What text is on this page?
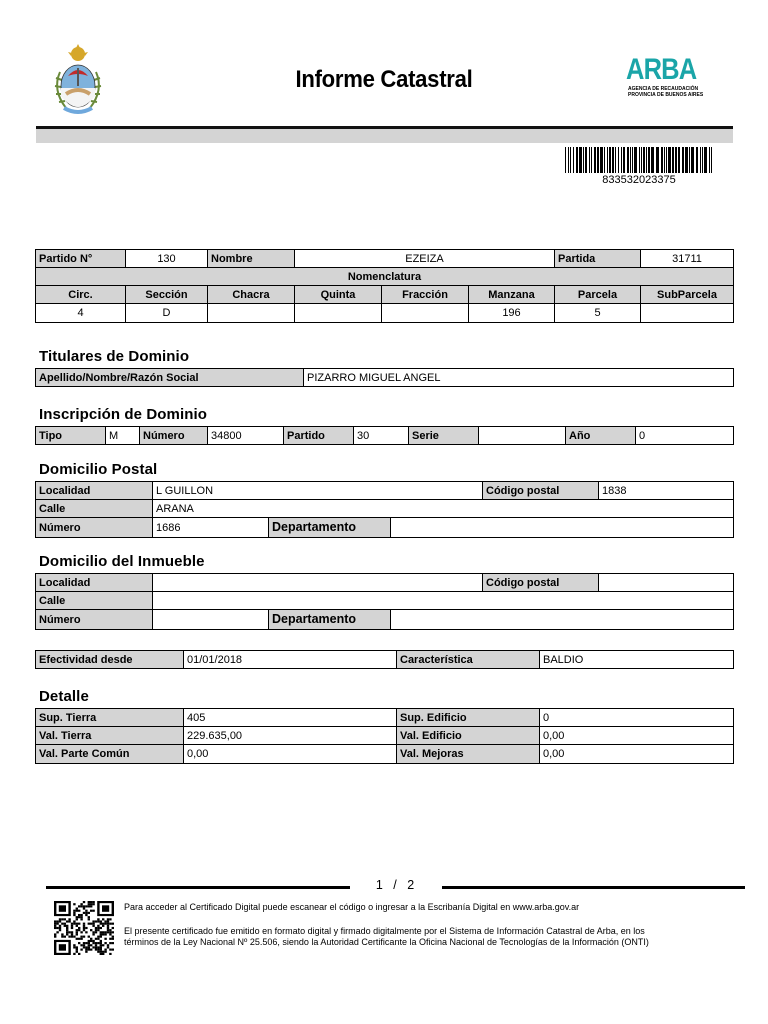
Informe Catastral	ARBA
AGENCIA DE RECAUDACIÓN
PROVINCIA DE BUENOS AIRES
833532023375
Partido N°	130	Nombre	EZEIZA			Partida	31711
Nomenclatura							
Circ.	Sección	Chacra	Quinta	Fracción	Manzana	Parcela	SubParcela
4	D				196	5	
Titulares de Dominio
Apellido/Nombre/Razón Social	PIZARRO MIGUEL ANGEL
Inscripción de Dominio
Tipo	M	Número	34800	Partido	30	Serie		Año	0
Domicilio Postal
Localidad	L GUILLON		Código postal	1838
Calle	ARANA			
Número	1686	Departamento		
Domicilio del Inmueble
Localidad			Código postal	
Calle				
Número		Departamento		
Efectividad desde	01/01/2018	Característica	BALDIO
Detalle
Sup. Tierra	405	Sup. Edificio	0
Val. Tierra	229.635,00	Val. Edificio	0,00
Val. Parte Común	0,00	Val. Mejoras	0,00
1 / 2
Para acceder al Certificado Digital puede escanear el código o ingresar a la Escribanía Digital en www.arba.gov.ar
El presente certificado fue emitido en formato digital y firmado digitalmente por el Sistema de Información Catastral de Arba, en los
términos de la Ley Nacional Nº 25.506, siendo la Autoridad Certificante la Oficina Nacional de Tecnologías de la Información (ONTI)
